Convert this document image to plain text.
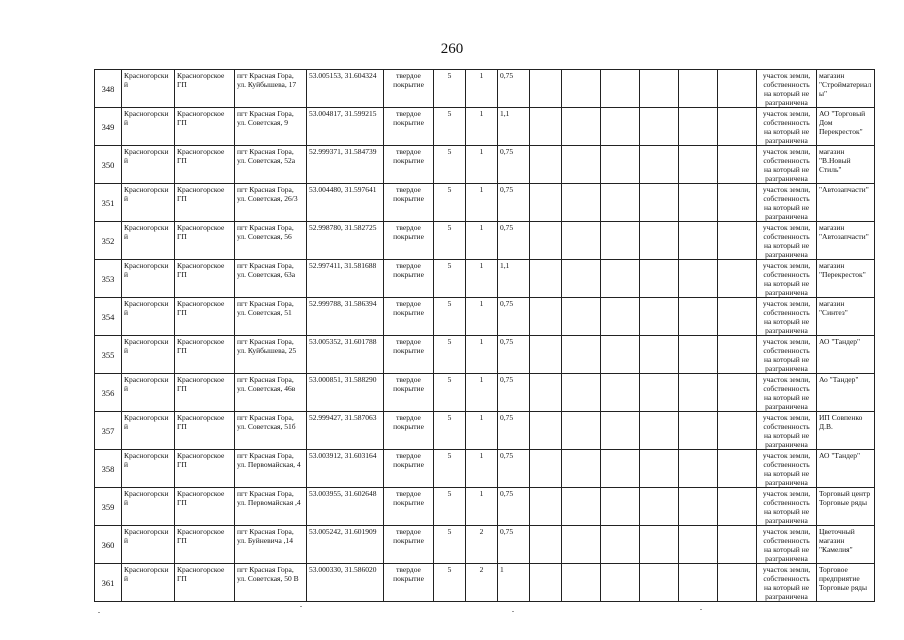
260
348	Красногорский	Красногорское ГП	пгт Красная Гора, ул. Куйбышева, 17	53.005153, 31.604324	твердое покрытие	5	1	0,75							участок земли, собственность на который не разграничена	магазин "Стройматериалы"
349	Красногорский	Красногорское ГП	пгт Красная Гора, ул. Советская, 9	53.004817, 31.599215	твердое покрытие	5	1	1,1							участок земли, собственность на который не разграничена	АО "Торговый Дом Перекресток"
350	Красногорский	Красногорское ГП	пгт Красная Гора, ул. Советская, 52а	52.999371, 31.584739	твердое покрытие	5	1	0,75							участок земли, собственность на который не разграничена	магазин "В.Новый Стиль"
351	Красногорский	Красногорское ГП	пгт Красная Гора, ул. Советская, 26/3	53.004480, 31.597641	твердое покрытие	5	1	0,75							участок земли, собственность на который не разграничена	"Автозапчасти"
352	Красногорский	Красногорское ГП	пгт Красная Гора, ул. Советская, 56	52.998780, 31.582725	твердое покрытие	5	1	0,75							участок земли, собственность на который не разграничена	магазин "Автозапчасти"
353	Красногорский	Красногорское ГП	пгт Красная Гора, ул. Советская, 63а	52.997411, 31.581688	твердое покрытие	5	1	1,1							участок земли, собственность на который не разграничена	магазин "Перекресток"
354	Красногорский	Красногорское ГП	пгт Красная Гора, ул. Советская, 51	52.999788, 31.586394	твердое покрытие	5	1	0,75							участок земли, собственность на который не разграничена	магазин "Синтез"
355	Красногорский	Красногорское ГП	пгт Красная Гора, ул. Куйбышева, 25	53.005352, 31.601788	твердое покрытие	5	1	0,75							участок земли, собственность на который не разграничена	АО "Тандер"
356	Красногорский	Красногорское ГП	пгт Красная Гора, ул. Советская, 46в	53.000851, 31.588290	твердое покрытие	5	1	0,75							участок земли, собственность на который не разграничена	Ао "Тандер"
357	Красногорский	Красногорское ГП	пгт Красная Гора, ул. Советская, 51б	52.999427, 31.587063	твердое покрытие	5	1	0,75							участок земли, собственность на который не разграничена	ИП Совпенко Д.В.
358	Красногорский	Красногорское ГП	пгт Красная Гора, ул. Первомайская, 4	53.003912, 31.603164	твердое покрытие	5	1	0,75							участок земли, собственность на который не разграничена	АО "Тандер"
359	Красногорский	Красногорское ГП	пгт Красная Гора, ул. Первомайская ,4	53.003955, 31.602648	твердое покрытие	5	1	0,75							участок земли, собственность на который не разграничена	Торговый центр Торговые ряды
360	Красногорский	Красногорское ГП	пгт Красная Гора, ул. Буйневича ,14	53.005242, 31.601909	твердое покрытие	5	2	0,75							участок земли, собственность на который не разграничена	Цветочный магазин "Камелия"
361	Красногорский	Красногорское ГП	пгт Красная Гора, ул. Советская, 50 В	53.000330, 31.586020	твердое покрытие	5	2	1							участок земли, собственность на который не разграничена	Торговое предприятие Торговые ряды
